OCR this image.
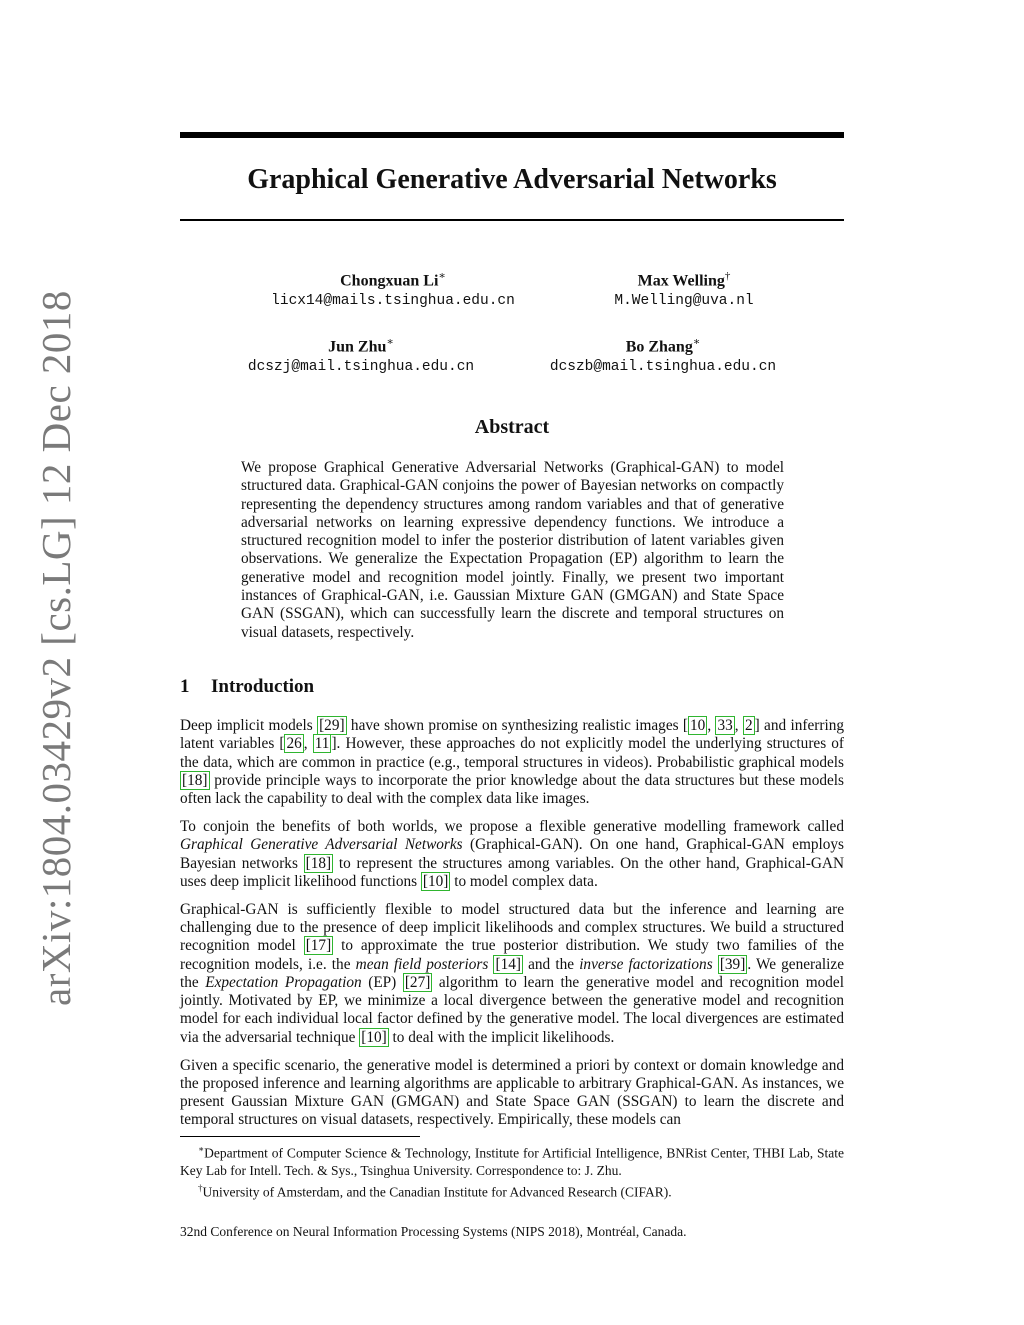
arXiv:1804.03429v2 [cs.LG] 12 Dec 2018
Graphical Generative Adversarial Networks
Chongxuan Li∗
licx14@mails.tsinghua.edu.cn
Max Welling†
M.Welling@uva.nl
Jun Zhu∗
dcszj@mail.tsinghua.edu.cn
Bo Zhang∗
dcszb@mail.tsinghua.edu.cn
Abstract
We propose Graphical Generative Adversarial Networks (Graphical-GAN) to model structured data. Graphical-GAN conjoins the power of Bayesian networks on compactly representing the dependency structures among random variables and that of generative adversarial networks on learning expressive dependency functions. We introduce a structured recognition model to infer the posterior distribution of latent variables given observations. We generalize the Expectation Propagation (EP) algorithm to learn the generative model and recognition model jointly. Finally, we present two important instances of Graphical-GAN, i.e. Gaussian Mixture GAN (GMGAN) and State Space GAN (SSGAN), which can successfully learn the discrete and temporal structures on visual datasets, respectively.
1 Introduction

Deep implicit models [29] have shown promise on synthesizing realistic images [ 10 , 33 , 2 ] and inferring latent variables [ 26 , 11 ]. However, these approaches do not explicitly model the underlying structures of the data, which are common in practice (e.g., temporal structures in videos). Probabilistic graphical models [18] provide principle ways to incorporate the prior knowledge about the data structures but these models often lack the capability to deal with the complex data like images.

To conjoin the benefits of both worlds, we propose a flexible generative modelling framework called Graphical Generative Adversarial Networks (Graphical-GAN). On one hand, Graphical-GAN employs Bayesian networks [18] to represent the structures among variables. On the other hand, Graphical-GAN uses deep implicit likelihood functions [10] to model complex data.

Graphical-GAN is sufficiently flexible to model structured data but the inference and learning are challenging due to the presence of deep implicit likelihoods and complex structures. We build a structured recognition model [17] to approximate the true posterior distribution. We study two families of the recognition models, i.e. the mean field posteriors [14] and the inverse factorizations [39] . We generalize the Expectation Propagation (EP) [27] algorithm to learn the generative model and recognition model jointly. Motivated by EP, we minimize a local divergence between the generative model and recognition model for each individual local factor defined by the generative model. The local divergences are estimated via the adversarial technique [10] to deal with the implicit likelihoods.

Given a specific scenario, the generative model is determined a priori by context or domain knowledge and the proposed inference and learning algorithms are applicable to arbitrary Graphical-GAN. As instances, we present Gaussian Mixture GAN (GMGAN) and State Space GAN (SSGAN) to learn the discrete and temporal structures on visual datasets, respectively. Empirically, these models can

∗Department of Computer Science & Technology, Institute for Artificial Intelligence, BNRist Center, THBI Lab, State Key Lab for Intell. Tech. & Sys., Tsinghua University. Correspondence to: J. Zhu.

†University of Amsterdam, and the Canadian Institute for Advanced Research (CIFAR).

32nd Conference on Neural Information Processing Systems (NIPS 2018), Montréal, Canada.
